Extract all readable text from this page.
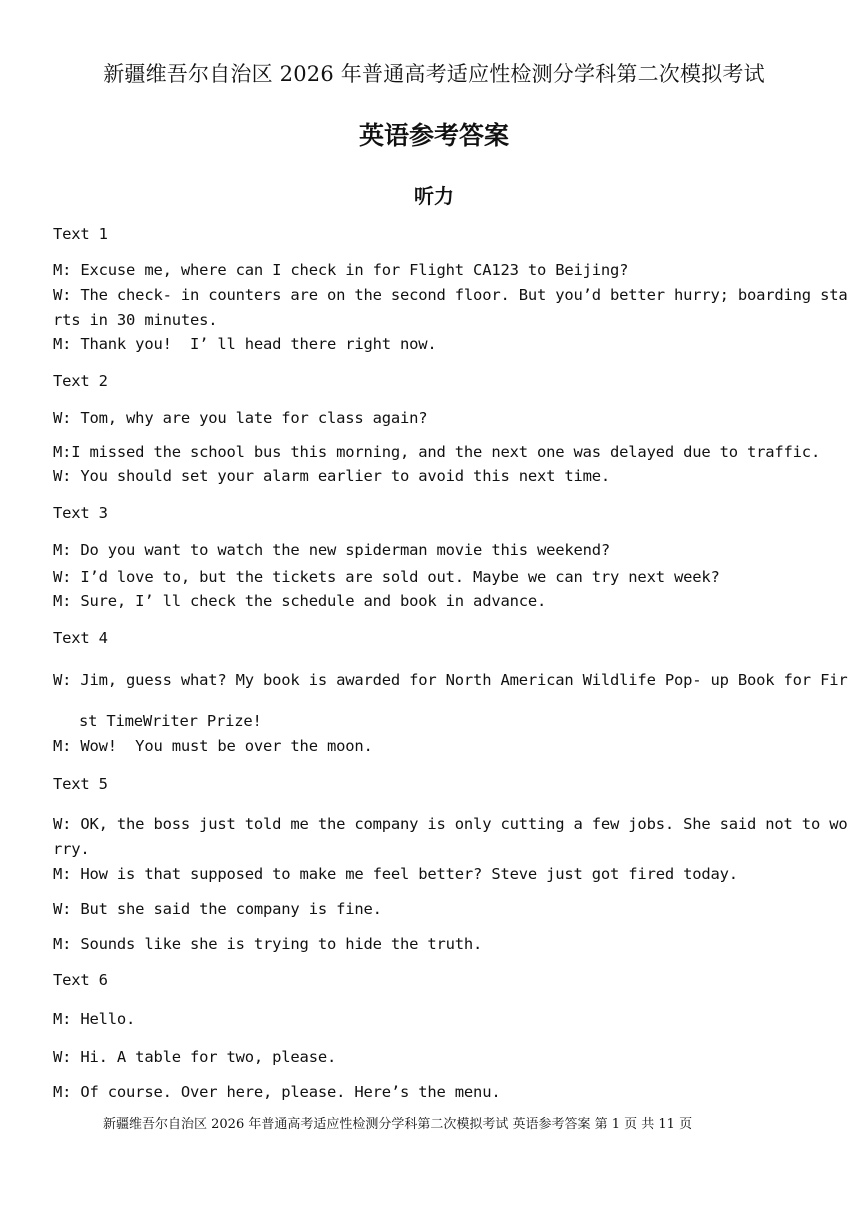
新疆维吾尔自治区 2026 年普通高考适应性检测分学科第二次模拟考试
英语参考答案
听力
Text 1
M: Excuse me, where can I check in for Flight CA123 to Beijing?
W: The check- in counters are on the second floor. But you’d better hurry; boarding sta
rts in 30 minutes.
M: Thank you!  I’ ll head there right now.
Text 2
W: Tom, why are you late for class again?
M:I missed the school bus this morning, and the next one was delayed due to traffic.
W: You should set your alarm earlier to avoid this next time.
Text 3
M: Do you want to watch the new spiderman movie this weekend?
W: I’d love to, but the tickets are sold out. Maybe we can try next week?
M: Sure, I’ ll check the schedule and book in advance.
Text 4
W: Jim, guess what? My book is awarded for North American Wildlife Pop- up Book for Fir
st TimeWriter Prize!
M: Wow!  You must be over the moon.
Text 5
W: OK, the boss just told me the company is only cutting a few jobs. She said not to wo
rry.
M: How is that supposed to make me feel better? Steve just got fired today.
W: But she said the company is fine.
M: Sounds like she is trying to hide the truth.
Text 6
M: Hello.
W: Hi. A table for two, please.
M: Of course. Over here, please. Here’s the menu.
新疆维吾尔自治区 2026 年普通高考适应性检测分学科第二次模拟考试 英语参考答案 第 1 页 共 11 页
